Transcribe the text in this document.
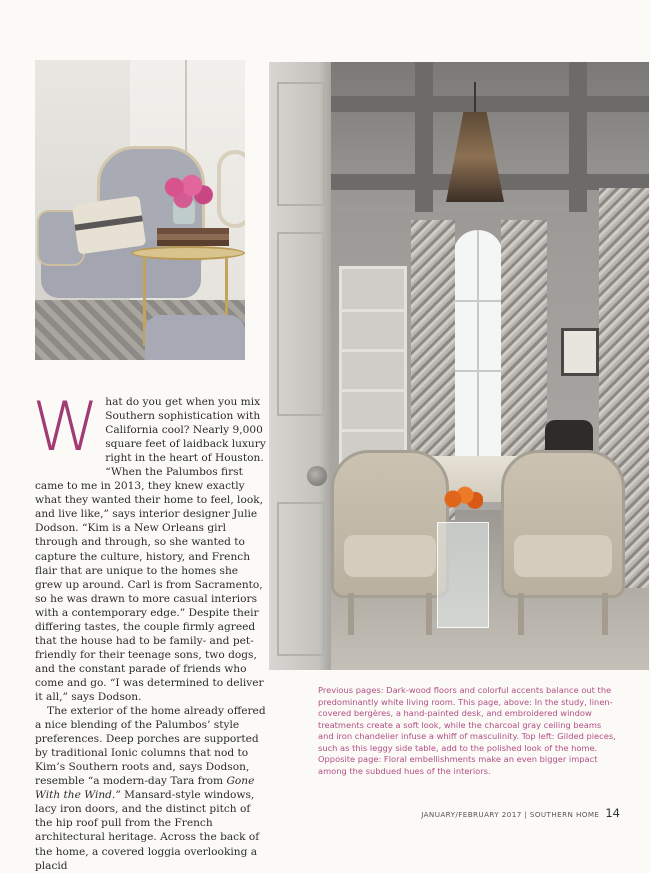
What do you get when you mix Southern sophistication with California cool? Nearly 9,000 square feet of laidback luxury right in the heart of Houston. “When the Palumbos first came to me in 2013, they knew exactly what they wanted their home to feel, look, and live like,” says interior designer Julie Dodson. “Kim is a New Orleans girl through and through, so she wanted to capture the culture, history, and French flair that are unique to the homes she grew up around. Carl is from Sacramento, so he was drawn to more casual interiors with a contemporary edge.” Despite their differing tastes, the couple firmly agreed that the house had to be family- and pet-friendly for their teenage sons, two dogs, and the constant parade of friends who come and go. “I was determined to deliver it all,” says Dodson.

The exterior of the home already offered a nice blending of the Palumbos’ style preferences. Deep porches are supported by traditional Ionic columns that nod to Kim’s Southern roots and, says Dodson, resemble “a modern-day Tara from Gone With the Wind.” Mansard-style windows, lacy iron doors, and the distinct pitch of the hip roof pull from the French architectural heritage. Across the back of the home, a covered loggia overlooking a placid

Previous pages: Dark-wood floors and colorful accents balance out the predominantly white living room. This page, above: In the study, linen-covered bergères, a hand-painted desk, and embroidered window treatments create a soft look, while the charcoal gray ceiling beams and iron chandelier infuse a whiff of masculinity. Top left: Gilded pieces, such as this leggy side table, add to the polished look of the home. Opposite page: Floral embellishments make an even bigger impact among the subdued hues of the interiors.
JANUARY/FEBRUARY 2017 | SOUTHERN HOME 14
